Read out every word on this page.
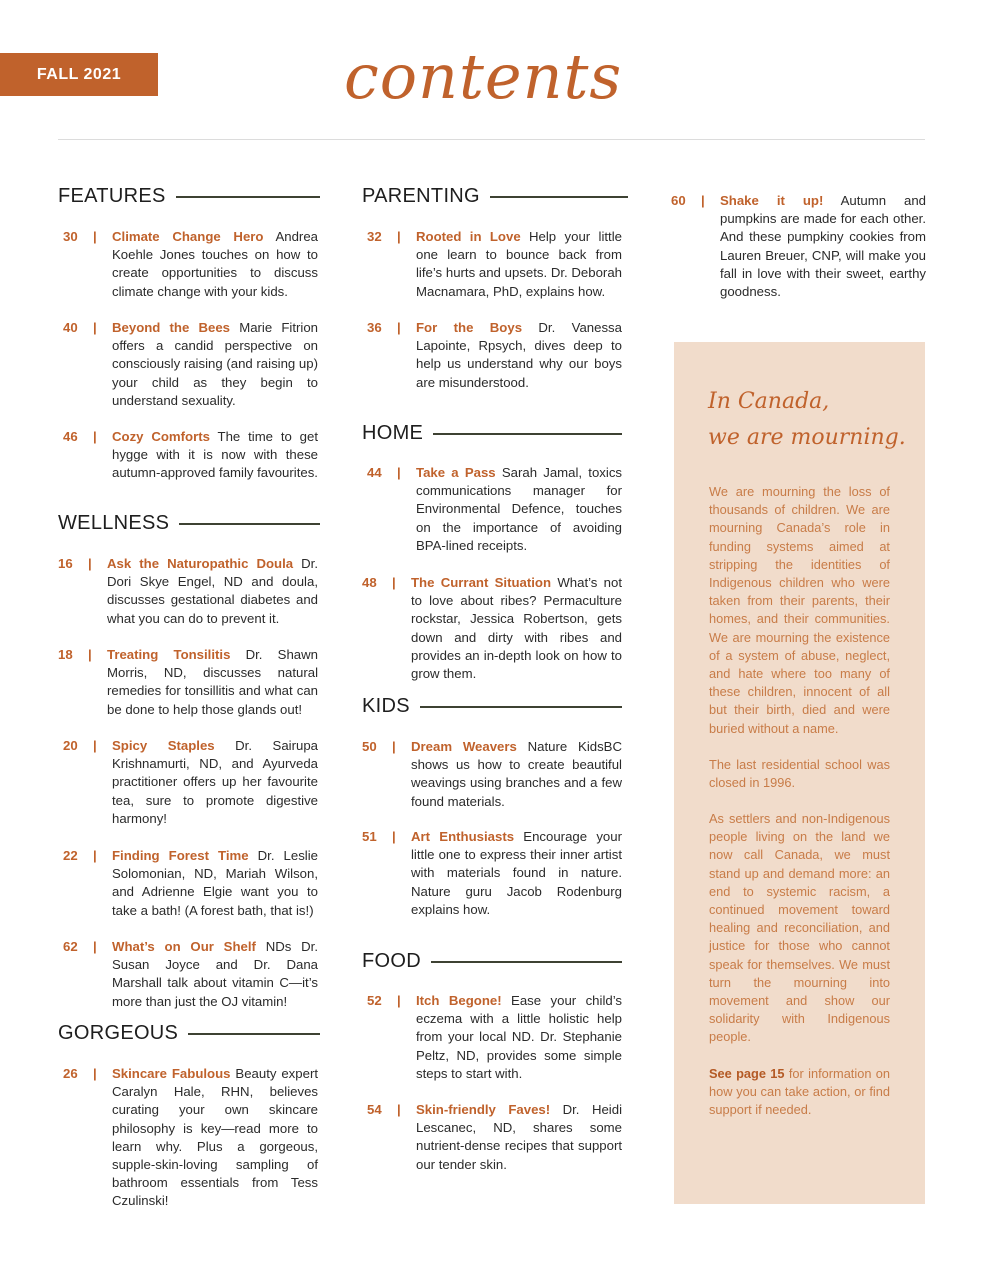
FALL 2021	contents
FEATURES
30	|	Climate Change Hero Andrea Koehle Jones touches on how to create opportunities to discuss climate change with your kids.
40	|	Beyond the Bees Marie Fitrion offers a candid perspective on consciously raising (and raising up) your child as they begin to understand sexuality.
46	|	Cozy Comforts The time to get hygge with it is now with these autumn-approved family favourites.
WELLNESS
16	|	Ask the Naturopathic Doula Dr. Dori Skye Engel, ND and doula, discusses gestational diabetes and what you can do to prevent it.
18	|	Treating Tonsilitis Dr. Shawn Morris, ND, discusses natural remedies for tonsillitis and what can be done to help those glands out!
20	|	Spicy Staples Dr. Sairupa Krishnamurti, ND, and Ayurveda practitioner offers up her favourite tea, sure to promote digestive harmony!
22	|	Finding Forest Time Dr. Leslie Solomonian, ND, Mariah Wilson, and Adrienne Elgie want you to take a bath! (A forest bath, that is!)
62	|	What’s on Our Shelf NDs Dr. Susan Joyce and Dr. Dana Marshall talk about vitamin C—it’s more than just the OJ vitamin!
GORGEOUS
26	|	Skincare Fabulous Beauty expert Caralyn Hale, RHN, believes curating your own skincare philosophy is key—read more to learn why. Plus a gorgeous, supple-skin-loving sampling of bathroom essentials from Tess Czulinski!
PARENTING
32	|	Rooted in Love Help your little one learn to bounce back from life’s hurts and upsets. Dr. Deborah Macnamara, PhD, explains how.
36	|	For the Boys Dr. Vanessa Lapointe, Rpsych, dives deep to help us understand why our boys are misunderstood.
HOME
44	|	Take a Pass Sarah Jamal, toxics communications manager for Environmental Defence, touches on the importance of avoiding BPA-lined receipts.
48	|	The Currant Situation What’s not to love about ribes? Permaculture rockstar, Jessica Robertson, gets down and dirty with ribes and provides an in-depth look on how to grow them.
KIDS
50	|	Dream Weavers Nature KidsBC shows us how to create beautiful weavings using branches and a few found materials.
51	|	Art Enthusiasts Encourage your little one to express their inner artist with materials found in nature. Nature guru Jacob Rodenburg explains how.
FOOD
52	|	Itch Begone! Ease your child’s eczema with a little holistic help from your local ND. Dr. Stephanie Peltz, ND, provides some simple steps to start with.
54	|	Skin-friendly Faves! Dr. Heidi Lescanec, ND, shares some nutrient-dense recipes that support our tender skin.
60	|	Shake it up! Autumn and pumpkins are made for each other. And these pumpkiny cookies from Lauren Breuer, CNP, will make you fall in love with their sweet, earthy goodness.
In Canada,
we are mourning.
We are mourning the loss of thousands of children. We are mourning Canada’s role in funding systems aimed at stripping the identities of Indigenous children who were taken from their parents, their homes, and their communities. We are mourning the existence of a system of abuse, neglect, and hate where too many of these children, innocent of all but their birth, died and were buried without a name.
The last residential school was closed in 1996.
As settlers and non-Indigenous people living on the land we now call Canada, we must stand up and demand more: an end to systemic racism, a continued movement toward healing and reconciliation, and justice for those who cannot speak for themselves. We must turn the mourning into movement and show our solidarity with Indigenous people.
See page 15 for information on how you can take action, or find support if needed.
